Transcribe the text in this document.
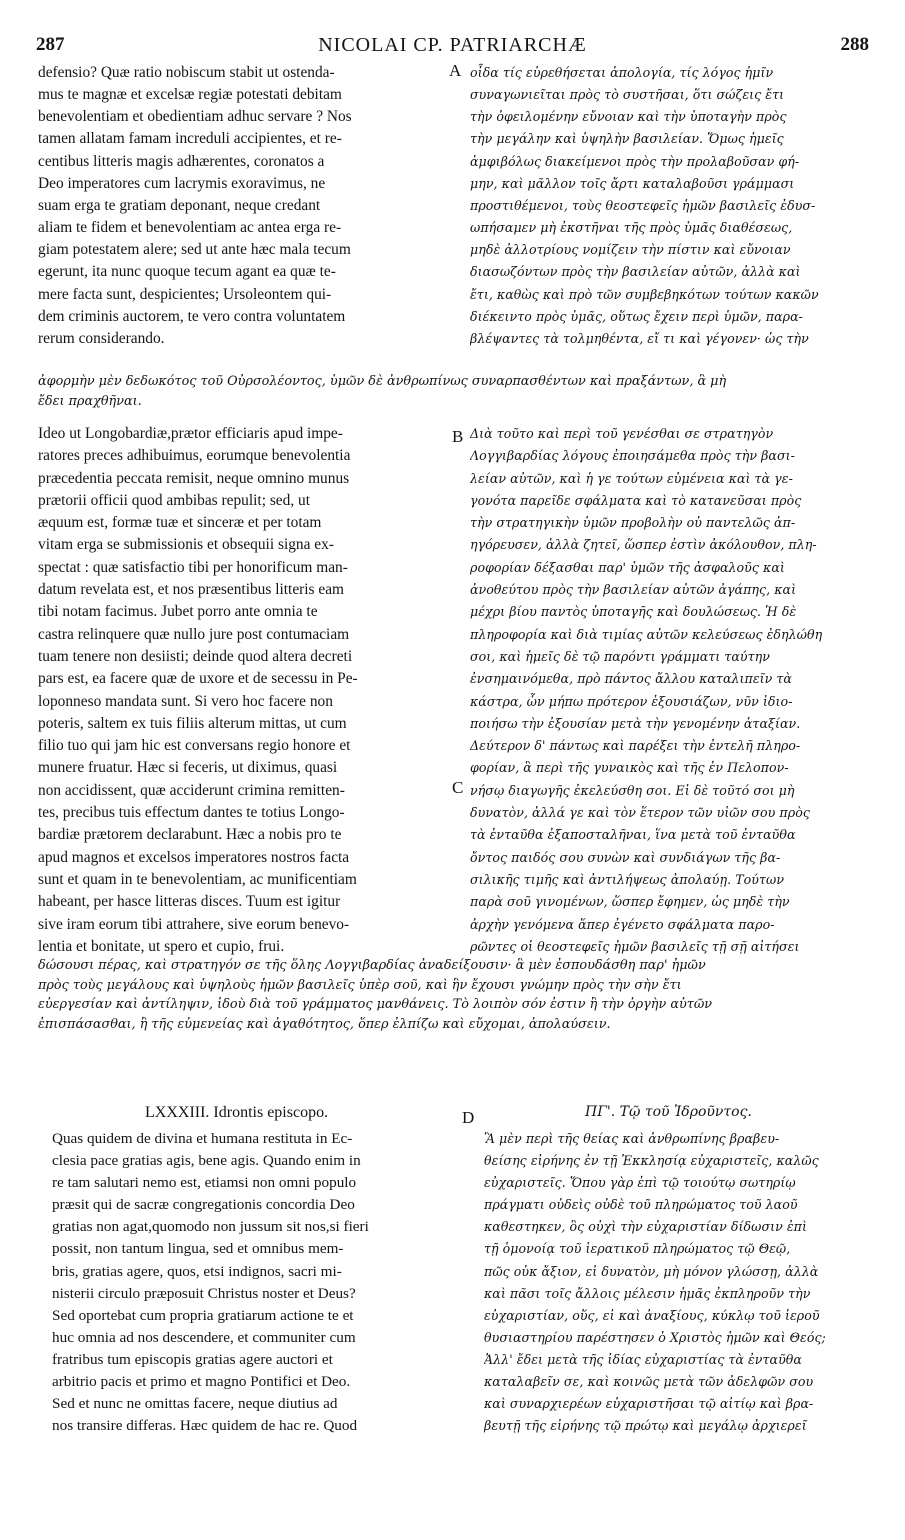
287	NICOLAI CP. PATRIARCHÆ	288
defensio? Quæ ratio nobiscum stabit ut ostenda-
mus te magnæ et excelsæ regiæ potestati debitam
benevolentiam et obedientiam adhuc servare ? Nos
tamen allatam famam increduli accipientes, et re-
centibus litteris magis adhærentes, coronatos a
Deo imperatores cum lacrymis exoravimus, ne
suam erga te gratiam deponant, neque credant
aliam te fidem et benevolentiam ac antea erga re-
giam potestatem alere; sed ut ante hæc mala tecum
egerunt, ita nunc quoque tecum agant ea quæ te-
mere facta sunt, despicientes; Ursoleontem qui-
dem criminis auctorem, te vero contra voluntatem
rerum considerando.
A οἶδα τίς εὑρεθήσεται ἀπολογία, τίς λόγος ἡμῖν
συναγωνιεῖται πρὸς τὸ συστῆσαι, ὅτι σώζεις ἔτι
τὴν ὀφειλομένην εὔνοιαν καὶ τὴν ὑποταγὴν πρὸς
τὴν μεγάλην καὶ ὑψηλὴν βασιλείαν. Ὅμως ἡμεῖς
ἀμφιβόλως διακείμενοι πρὸς τὴν προλαβοῦσαν φή-
μην, καὶ μᾶλλον τοῖς ἄρτι καταλαβοῦσι γράμμασι
προστιθέμενοι, τοὺς θεοστεφεῖς ἡμῶν βασιλεῖς ἐδυσ-
ωπήσαμεν μὴ ἐκστῆναι τῆς πρὸς ὑμᾶς διαθέσεως,
μηδὲ ἀλλοτρίους νομίζειν τὴν πίστιν καὶ εὔνοιαν
διασωζόντων πρὸς τὴν βασιλείαν αὐτῶν, ἀλλὰ καὶ
ἔτι, καθὼς καὶ πρὸ τῶν συμβεβηκότων τούτων κακῶν
διέκειντο πρὸς ὑμᾶς, οὕτως ἔχειν περὶ ὑμῶν, παρα-
βλέψαντες τὰ τολμηθέντα, εἴ τι καὶ γέγονεν· ὡς τὴν
ἀφορμὴν μὲν δεδωκότος τοῦ Οὐρσολέοντος, ὑμῶν δὲ ἀνθρωπίνως συναρπασθέντων καὶ πραξάντων, ἃ μὴ
ἔδει πραχθῆναι.
Ideo ut Longobardiæ,prætor efficiaris apud impe-
ratores preces adhibuimus, eorumque benevolentia
præcedentia peccata remisit, neque omnino munus
prætorii officii quod ambibas repulit; sed, ut
æquum est, formæ tuæ et sinceræ et per totam
vitam erga se submissionis et obsequii signa ex-
spectat : quæ satisfactio tibi per honorificum man-
datum revelata est, et nos præsentibus litteris eam
tibi notam facimus. Jubet porro ante omnia te
castra relinquere quæ nullo jure post contumaciam
tuam tenere non desiisti; deinde quod altera decreti
pars est, ea facere quæ de uxore et de secessu in Pe-
loponneso mandata sunt. Si vero hoc facere non
poteris, saltem ex tuis filiis alterum mittas, ut cum
filio tuo qui jam hic est conversans regio honore et
munere fruatur. Hæc si feceris, ut diximus, quasi
non accidissent, quæ acciderunt crimina remitten-
tes, precibus tuis effectum dantes te totius Longo-
bardiæ prætorem declarabunt. Hæc a nobis pro te
apud magnos et excelsos imperatores nostros facta
sunt et quam in te benevolentiam, ac munificentiam
habeant, per hasce litteras disces. Tuum est igitur
sive iram eorum tibi attrahere, sive eorum benevo-
lentia et bonitate, ut spero et cupio, frui.
B
C
Διὰ τοῦτο καὶ περὶ τοῦ γενέσθαι σε στρατηγὸν
Λογγιβαρδίας λόγους ἐποιησάμεθα πρὸς τὴν βασι-
λείαν αὐτῶν, καὶ ἡ γε τούτων εὐμένεια καὶ τὰ γε-
γονότα παρεῖδε σφάλματα καὶ τὸ κατανεῦσαι πρὸς
τὴν στρατηγικὴν ὑμῶν προβολὴν οὐ παντελῶς ἀπ-
ηγόρευσεν, ἀλλὰ ζητεῖ, ὥσπερ ἐστὶν ἀκόλουθον, πλη-
ροφορίαν δέξασθαι παρ' ὑμῶν τῆς ἀσφαλοῦς καὶ
ἀνοθεύτου πρὸς τὴν βασιλείαν αὐτῶν ἀγάπης, καὶ
μέχρι βίου παντὸς ὑποταγῆς καὶ δουλώσεως. Ἡ δὲ
πληροφορία καὶ διὰ τιμίας αὐτῶν κελεύσεως ἐδηλώθη
σοι, καὶ ἡμεῖς δὲ τῷ παρόντι γράμματι ταύτην
ἐνσημαινόμεθα, πρὸ πάντος ἄλλου καταλιπεῖν τὰ
κάστρα, ὧν μήπω πρότερον ἐξουσιάζων, νῦν ἰδιο-
ποιήσω τὴν ἐξουσίαν μετὰ τὴν γενομένην ἀταξίαν.
Δεύτερον δ' πάντως καὶ παρέξει τὴν ἐντελῆ πληρο-
φορίαν, ἃ περὶ τῆς γυναικὸς καὶ τῆς ἐν Πελοπον-
νήσῳ διαγωγῆς ἐκελεύσθη σοι. Εἰ δὲ τοῦτό σοι μὴ
δυνατὸν, ἀλλά γε καὶ τὸν ἕτερον τῶν υἱῶν σου πρὸς
τὰ ἐνταῦθα ἐξαποσταλῆναι, ἵνα μετὰ τοῦ ἐνταῦθα
ὄντος παιδός σου συνὼν καὶ συνδιάγων τῆς βα-
σιλικῆς τιμῆς καὶ ἀντιλήψεως ἀπολαύῃ. Τούτων
παρὰ σοῦ γινομένων, ὥσπερ ἔφημεν, ὡς μηδὲ τὴν
ἀρχὴν γενόμενα ἅπερ ἐγένετο σφάλματα παρο-
ρῶντες οἱ θεοστεφεῖς ἡμῶν βασιλεῖς τῇ σῇ αἰτήσει
δώσουσι πέρας, καὶ στρατηγόν σε τῆς ὅλης Λογγιβαρδίας ἀναδείξουσιν· ἃ μὲν ἐσπουδάσθη παρ' ἡμῶν
πρὸς τοὺς μεγάλους καὶ ὑψηλοὺς ἡμῶν βασιλεῖς ὑπὲρ σοῦ, καὶ ἣν ἔχουσι γνώμην πρὸς τὴν σὴν ἔτι
εὐεργεσίαν καὶ ἀντίληψιν, ἰδοὺ διὰ τοῦ γράμματος μανθάνεις. Τὸ λοιπὸν σόν ἐστιν ἢ τὴν ὀργὴν αὐτῶν
ἐπισπάσασθαι, ἢ τῆς εὐμενείας καὶ ἀγαθότητος, ὅπερ ἐλπίζω καὶ εὔχομαι, ἀπολαύσειν.
LXXXIII. Idrontis episcopo.	D	ΠΓ'. Τῷ τοῦ Ἰδροῦντος.
Quas quidem de divina et humana restituta in Ec-
clesia pace gratias agis, bene agis. Quando enim in
re tam salutari nemo est, etiamsi non omni populo
præsit qui de sacræ congregationis concordia Deo
gratias non agat,quomodo non jussum sit nos,si fieri
possit, non tantum lingua, sed et omnibus mem-
bris, gratias agere, quos, etsi indignos, sacri mi-
nisterii circulo præposuit Christus noster et Deus?
Sed oportebat cum propria gratiarum actione te et
huc omnia ad nos descendere, et communiter cum
fratribus tum episcopis gratias agere auctori et
arbitrio pacis et primo et magno Pontifici et Deo.
Sed et nunc ne omittas facere, neque diutius ad
nos transire differas. Hæc quidem de hac re. Quod
Ἃ μὲν περὶ τῆς θείας καὶ ἀνθρωπίνης βραβευ-
θείσης εἰρήνης ἐν τῇ Ἐκκλησίᾳ εὐχαριστεῖς, καλῶς
εὐχαριστεῖς. Ὅπου γὰρ ἐπὶ τῷ τοιούτῳ σωτηρίῳ
πράγματι οὐδεὶς οὐδὲ τοῦ πληρώματος τοῦ λαοῦ
καθεστηκεν, ὃς οὐχὶ τὴν εὐχαριστίαν δίδωσιν ἐπὶ
τῇ ὁμονοίᾳ τοῦ ἱερατικοῦ πληρώματος τῷ Θεῷ,
πῶς οὐκ ἄξιον, εἰ δυνατὸν, μὴ μόνον γλώσσῃ, ἀλλὰ
καὶ πᾶσι τοῖς ἄλλοις μέλεσιν ἡμᾶς ἐκπληροῦν τὴν
εὐχαριστίαν, οὕς, εἰ καὶ ἀναξίους, κύκλῳ τοῦ ἱεροῦ
θυσιαστηρίου παρέστησεν ὁ Χριστὸς ἡμῶν καὶ Θεός;
Ἀλλ' ἔδει μετὰ τῆς ἰδίας εὐχαριστίας τὰ ἐνταῦθα
καταλαβεῖν σε, καὶ κοινῶς μετὰ τῶν ἀδελφῶν σου
καὶ συναρχιερέων εὐχαριστῆσαι τῷ αἰτίῳ καὶ βρα-
βευτῇ τῆς εἰρήνης τῷ πρώτῳ καὶ μεγάλῳ ἀρχιερεῖ
